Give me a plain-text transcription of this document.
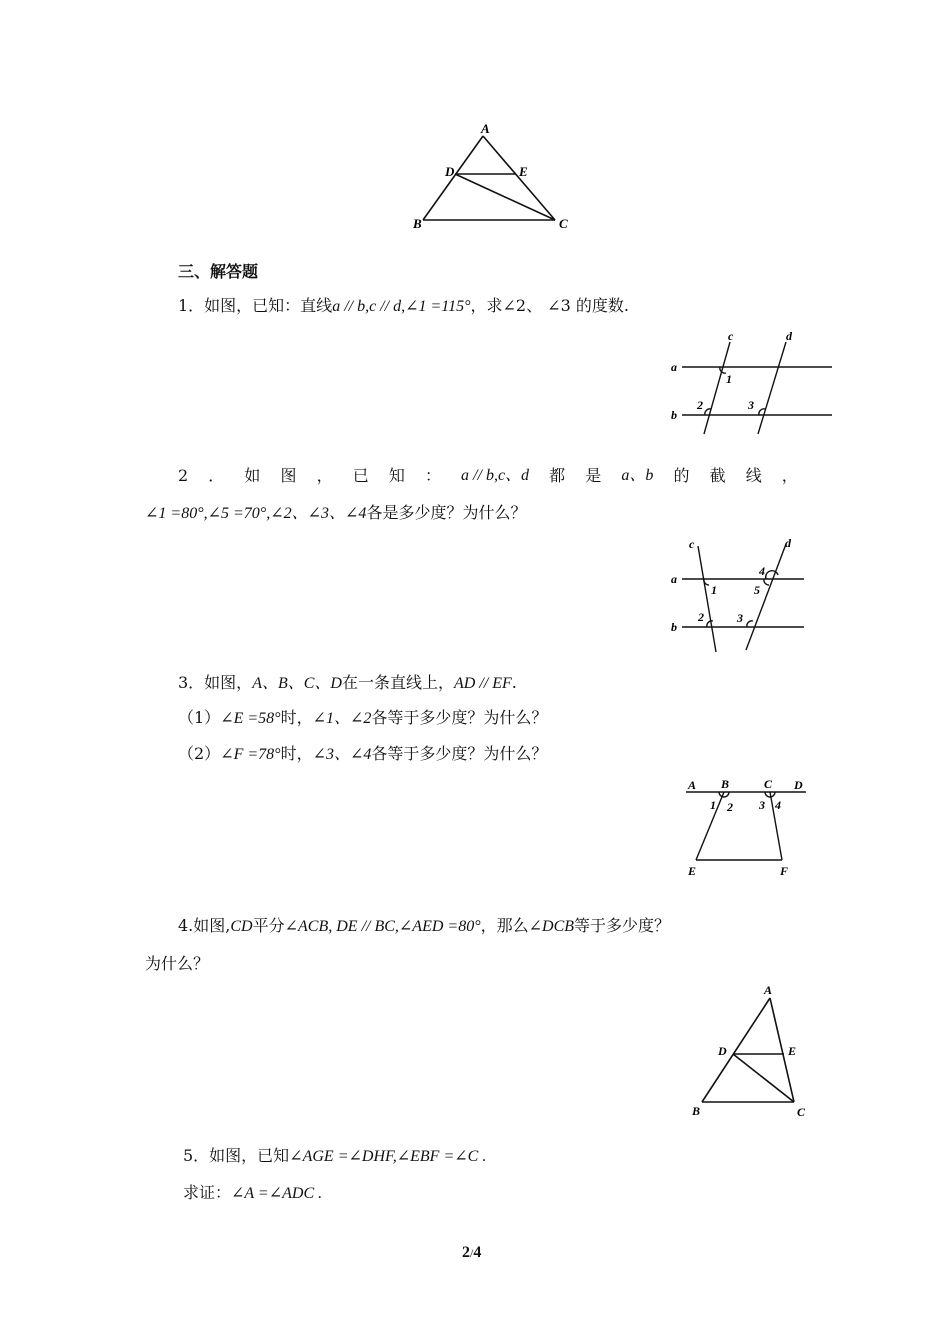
A
D	E
B	C
三、解答题
1．如图，已知：直线a // b,c // d,∠1 =115°，求∠2、 ∠3 的度数.
a
b
c	d
1
2	3
2 ． 如 图 ， 已 知 ： a // b,c、d 都 是 a、b 的 截 线 ，
∠1 =80°,∠5 =70°,∠2、∠3、∠4各是多少度？为什么？
a
b
c	d
1
2	3
4
5
3．如图，A、B、C、D在一条直线上，AD // EF.
（1）∠E =58°时，∠1、∠2各等于多少度？为什么？
（2）∠F =78°时，∠3、∠4各等于多少度？为什么？
A B	C D
1 2 3 4
E	F
4.如图,CD平分∠ACB, DE // BC,∠AED =80°，那么∠DCB等于多少度？
为什么？
A
D	E
B	C
5．如图，已知∠AGE =∠DHF,∠EBF =∠C .
求证：∠A =∠ADC .
2/4
